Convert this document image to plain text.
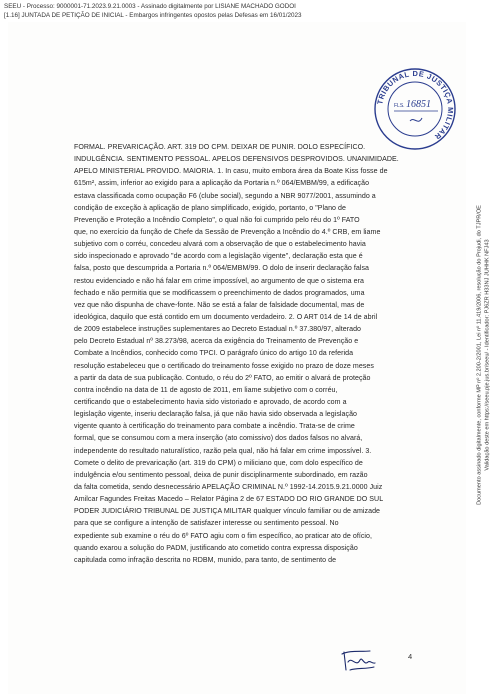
SEEU - Processo: 9000001-71.2023.9.21.0003 - Assinado digitalmente por LISIANE MACHADO GODOI
[1.16] JUNTADA DE PETIÇÃO DE INICIAL - Embargos infringentes opostos pelas Defesas em 16/01/2023
TRIBUNAL DE JUSTIÇA MILITAR
FLS. 16851
FORMAL. PREVARICAÇÃO. ART. 319 DO CPM. DEIXAR DE PUNIR. DOLO ESPECÍFICO.
INDULGÊNCIA. SENTIMENTO PESSOAL. APELOS DEFENSIVOS DESPROVIDOS. UNANIMIDADE.
APELO MINISTERIAL PROVIDO. MAIORIA. 1. In casu, muito embora área da Boate Kiss fosse de
615m², assim, inferior ao exigido para a aplicação da Portaria n.º 064/EMBM/99, a edificação
estava classificada como ocupação F6 (clube social), segundo a NBR 9077/2001, assumindo a
condição de exceção à aplicação de plano simplificado, exigido, portanto, o "Plano de
Prevenção e Proteção a Incêndio Completo", o qual não foi cumprido pelo réu do 1º FATO
que, no exercício da função de Chefe da Sessão de Prevenção a Incêndio do 4.º CRB, em liame
subjetivo com o corréu, concedeu alvará com a observação de que o estabelecimento havia
sido inspecionado e aprovado "de acordo com a legislação vigente", declaração esta que é
falsa, posto que descumprida a Portaria n.º 064/EMBM/99. O dolo de inserir declaração falsa
restou evidenciado e não há falar em crime impossível, ao argumento de que o sistema era
fechado e não permitia que se modificassem o preenchimento de dados programados, uma
vez que não dispunha de chave-fonte. Não se está a falar de falsidade documental, mas de
ideológica, daquilo que está contido em um documento verdadeiro. 2. O ART 014 de 14 de abril
de 2009 estabelece instruções suplementares ao Decreto Estadual n.º 37.380/97, alterado
pelo Decreto Estadual nº 38.273/98, acerca da exigência do Treinamento de Prevenção e
Combate a Incêndios, conhecido como TPCI. O parágrafo único do artigo 10 da referida
resolução estabeleceu que o certificado do treinamento fosse exigido no prazo de doze meses
a partir da data de sua publicação. Contudo, o réu do 2º FATO, ao emitir o alvará de proteção
contra incêndio na data de 11 de agosto de 2011, em liame subjetivo com o corréu,
certificando que o estabelecimento havia sido vistoriado e aprovado, de acordo com a
legislação vigente, inseriu declaração falsa, já que não havia sido observada a legislação
vigente quanto à certificação do treinamento para combate a incêndio. Trata-se de crime
formal, que se consumou com a mera inserção (ato comissivo) dos dados falsos no alvará,
independente do resultado naturalístico, razão pela qual, não há falar em crime impossível. 3.
Comete o delito de prevaricação (art. 319 do CPM) o miliciano que, com dolo específico de
indulgência e/ou sentimento pessoal, deixa de punir disciplinarmente subordinado, em razão
da falta cometida, sendo desnecessário APELAÇÃO CRIMINAL N.º 1992-14.2015.9.21.0000 Juiz
Amilcar Fagundes Freitas Macedo – Relator Página 2 de 67 ESTADO DO RIO GRANDE DO SUL
PODER JUDICIÁRIO TRIBUNAL DE JUSTIÇA MILITAR qualquer vínculo familiar ou de amizade
para que se configure a intenção de satisfazer interesse ou sentimento pessoal. No
expediente sub examine o réu do 6º FATO agiu com o fim específico, ao praticar ato de ofício,
quando exarou a solução do PADM, justificando ato cometido contra expressa disposição
capitulada como infração descrita no RDBM, munido, para tanto, de sentimento de
Documento assinado digitalmente, conforme MP nº 2.200-2/2001, Lei nº 11.419/2006, resolução do Projudi, do TJPR/OE Validação deste em https://seeu.pje.jus.br/seeu/ - Identificador: PJ6ZR H33NJ JUHHK NFJ43
4
